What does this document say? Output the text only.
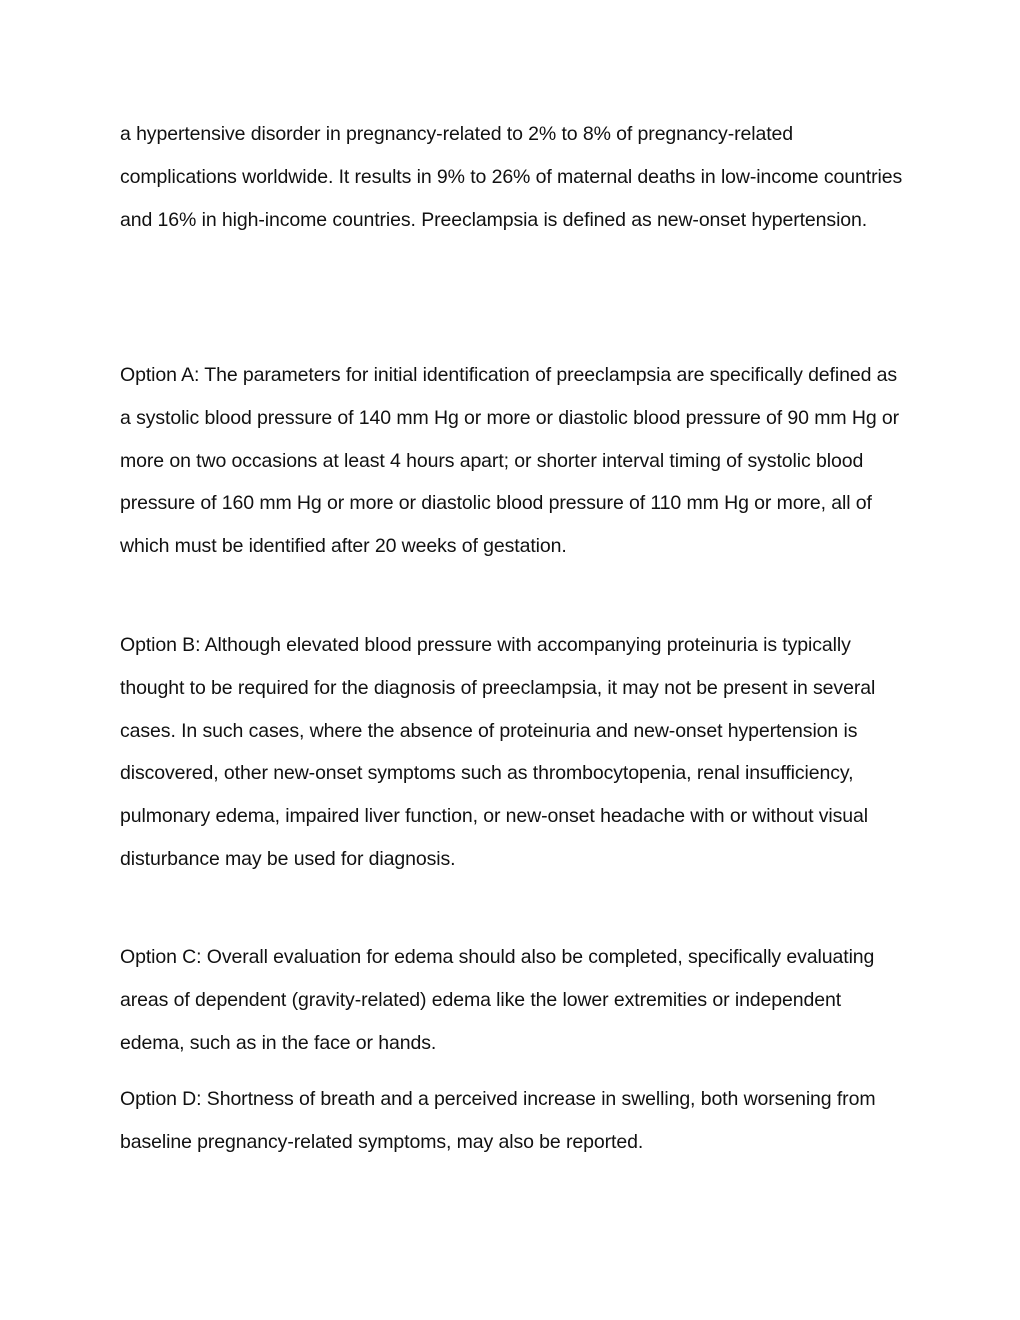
a hypertensive disorder in pregnancy-related to 2% to 8% of pregnancy-related complications worldwide. It results in 9% to 26% of maternal deaths in low-income countries and 16% in high-income countries. Preeclampsia is defined as new-onset hypertension.

Option A: The parameters for initial identification of preeclampsia are specifically defined as a systolic blood pressure of 140 mm Hg or more or diastolic blood pressure of 90 mm Hg or more on two occasions at least 4 hours apart; or shorter interval timing of systolic blood pressure of 160 mm Hg or more or diastolic blood pressure of 110 mm Hg or more, all of which must be identified after 20 weeks of gestation.

Option B: Although elevated blood pressure with accompanying proteinuria is typically thought to be required for the diagnosis of preeclampsia, it may not be present in several cases. In such cases, where the absence of proteinuria and new-onset hypertension is discovered, other new-onset symptoms such as thrombocytopenia, renal insufficiency, pulmonary edema, impaired liver function, or new-onset headache with or without visual disturbance may be used for diagnosis.

Option C: Overall evaluation for edema should also be completed, specifically evaluating areas of dependent (gravity-related) edema like the lower extremities or independent edema, such as in the face or hands.

Option D: Shortness of breath and a perceived increase in swelling, both worsening from baseline pregnancy-related symptoms, may also be reported.
